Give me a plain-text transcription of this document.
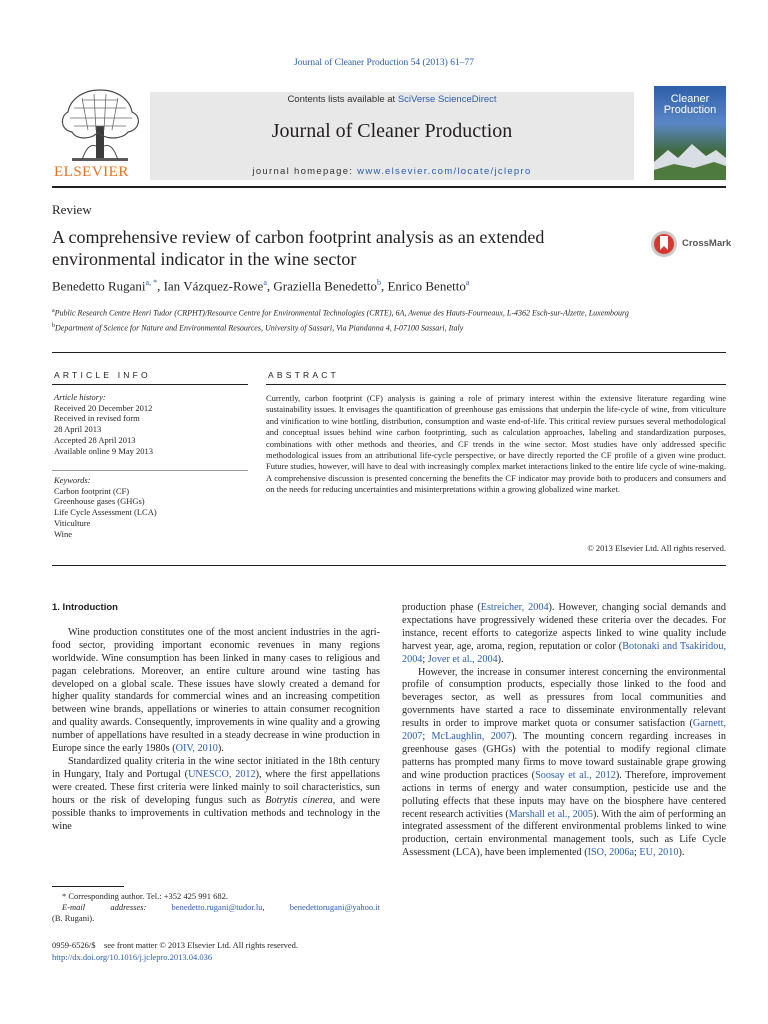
Journal of Cleaner Production 54 (2013) 61–77
ELSEVIER
Contents lists available at SciVerse ScienceDirect
Journal of Cleaner Production
journal homepage: www.elsevier.com/locate/jclepro
Cleaner
Production
Review
A comprehensive review of carbon footprint analysis as an extended environmental indicator in the wine sector
CrossMark
Benedetto Rugani$^{a, *}$, Ian Vázquez-Rowe$^a$, Graziella Benedetto$^b$, Enrico Benetto$^a$
$^a$Public Research Centre Henri Tudor (CRPHT)/Resource Centre for Environmental Technologies (CRTE), 6A, Avenue des Hauts-Fourneaux, L-4362 Esch-sur-Alzette, Luxembourg
$^b$Department of Science for Nature and Environmental Resources, University of Sassari, Via Piandanna 4, I-07100 Sassari, Italy
ARTICLE INFO	ABSTRACT
Article history:
Received 20 December 2012
Received in revised form
28 April 2013
Accepted 28 April 2013
Available online 9 May 2013
Keywords:
Carbon footprint (CF)
Greenhouse gases (GHGs)
Life Cycle Assessment (LCA)
Viticulture
Wine
Currently, carbon footprint (CF) analysis is gaining a role of primary interest within the extensive literature regarding wine sustainability issues. It envisages the quantification of greenhouse gas emissions that underpin the life-cycle of wine, from viticulture and vinification to wine bottling, distribution, consumption and waste end-of-life. This critical review pursues several methodological and conceptual issues behind wine carbon footprinting, such as calculation approaches, labeling and standardization purposes, combinations with other methods and theories, and CF trends in the wine sector. Most studies have only addressed specific methodological issues from an attributional life-cycle perspective, or have directly reported the CF profile of a given wine product. Future studies, however, will have to deal with increasingly complex market interactions linked to the entire life cycle of wine-making. A comprehensive discussion is presented concerning the benefits the CF indicator may provide both to producers and consumers and on the needs for reducing uncertainties and misinterpretations within a growing globalized wine market.
© 2013 Elsevier Ltd. All rights reserved.
1. Introduction

Wine production constitutes one of the most ancient industries in the agri-food sector, providing important economic revenues in many regions worldwide. Wine consumption has been linked in many cases to religious and pagan celebrations. Moreover, an entire culture around wine tasting has developed on a global scale. These issues have slowly created a demand for higher quality standards for commercial wines and an increasing competition between wine brands, appellations or wineries to attain consumer recognition and quality awards. Consequently, improvements in wine quality and a growing number of appellations have resulted in a steady decrease in wine production in Europe since the early 1980s (OIV, 2010).

Standardized quality criteria in the wine sector initiated in the 18th century in Hungary, Italy and Portugal (UNESCO, 2012), where the first appellations were created. These first criteria were linked mainly to soil characteristics, sun hours or the risk of developing fungus such as Botrytis cinerea, and were possible thanks to improvements in cultivation methods and technology in the wine

production phase (Estreicher, 2004). However, changing social demands and expectations have progressively widened these criteria over the decades. For instance, recent efforts to categorize aspects linked to wine quality include harvest year, age, aroma, region, reputation or color (Botonaki and Tsakiridou, 2004; Jover et al., 2004).

However, the increase in consumer interest concerning the environmental profile of consumption products, especially those linked to the food and beverages sector, as well as pressures from local communities and governments have started a race to disseminate environmentally relevant results in order to improve market quota or consumer satisfaction (Garnett, 2007; McLaughlin, 2007). The mounting concern regarding increases in greenhouse gases (GHGs) with the potential to modify regional climate patterns has prompted many firms to move toward sustainable grape growing and wine production practices (Soosay et al., 2012). Therefore, improvement actions in terms of energy and water consumption, pesticide use and the polluting effects that these inputs may have on the biosphere have centered recent research activities (Marshall et al., 2005). With the aim of performing an integrated assessment of the different environmental problems linked to wine production, certain environmental management tools, such as Life Cycle Assessment (LCA), have been implemented (ISO, 2006a; EU, 2010).

* Corresponding author. Tel.: +352 425 991 682.
E-mail addresses:	benedetto.rugani@tudor.lu, benedettorugani@yahoo.it
(B. Rugani).
0959-6526/$    see front matter © 2013 Elsevier Ltd. All rights reserved.
http://dx.doi.org/10.1016/j.jclepro.2013.04.036
